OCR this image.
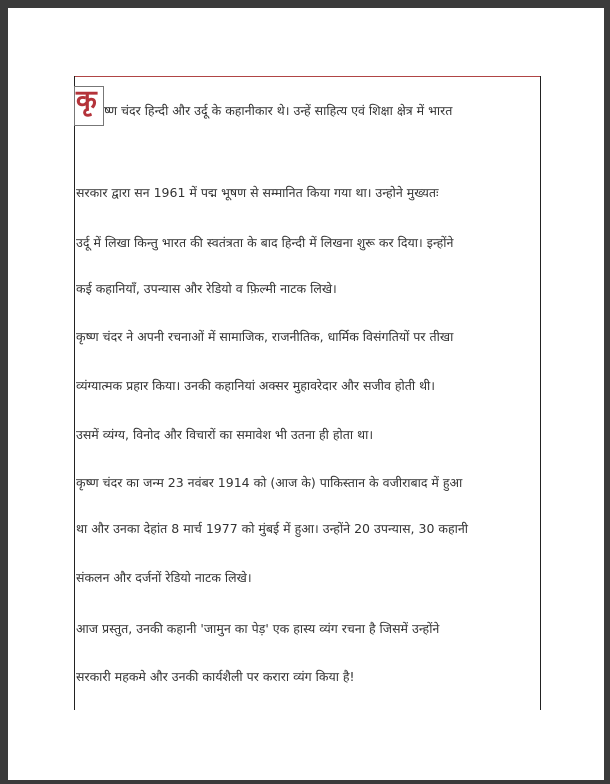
कृ ष्ण चंदर हिन्दी और उर्दू के कहानीकार थे। उन्हें साहित्य एवं शिक्षा क्षेत्र में भारत
सरकार द्वारा सन 1961 में पद्म भूषण से सम्मानित किया गया था। उन्होने मुख्यतः
उर्दू में लिखा किन्तु भारत की स्वतंत्रता के बाद हिन्दी में लिखना शुरू कर दिया। इन्होंने
कई कहानियाँ, उपन्यास और रेडियो व फ़िल्मी नाटक लिखे।
कृष्ण चंदर ने अपनी रचनाओं में सामाजिक, राजनीतिक, धार्मिक विसंगतियों पर तीखा
व्यंग्यात्मक प्रहार किया। उनकी कहानियां अक्सर मुहावरेदार और सजीव होती थी।
उसमें व्यंग्य, विनोद और विचारों का समावेश भी उतना ही होता था।
कृष्ण चंदर का जन्म 23 नवंबर 1914 को (आज के) पाकिस्तान के वजीराबाद में हुआ
था और उनका देहांत 8 मार्च 1977 को मुंबई में हुआ। उन्होंने 20 उपन्यास, 30 कहानी
संकलन और दर्जनों रेडियो नाटक लिखे।
आज प्रस्तुत, उनकी कहानी 'जामुन का पेड़' एक हास्य व्यंग रचना है जिसमें उन्होंने
सरकारी महकमे और उनकी कार्यशैली पर करारा व्यंग किया है!
